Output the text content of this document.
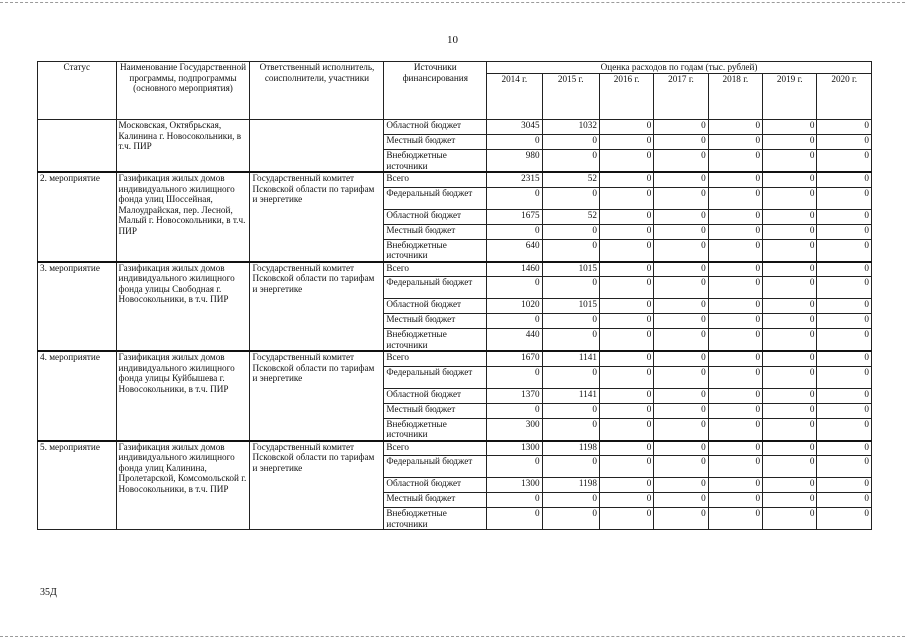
10
Статус	Наименование Государственной программы, подпрограммы (основного мероприятия)	Ответственный исполнитель, соисполнители, участники	Источники финансирования	Оценка расходов по годам (тыс. рублей)						
				2014 г.	2015 г.	2016 г.	2017 г.	2018 г.	2019 г.	2020 г.
	Московская, Октябрьская, Калинина г. Новосокольники, в т.ч. ПИР		Областной бюджет	3045	1032	0	0	0	0	0
			Местный бюджет	0	0	0	0	0	0	0
			Внебюджетные источники	980	0	0	0	0	0	0
2. мероприятие	Газификация жилых домов индивидуального жилищного фонда улиц Шоссейная, Малоудрайская, пер. Лесной, Малый г. Новосокольники, в т.ч. ПИР	Государственный комитет Псковской области по тарифам и энергетике	Всего	2315	52	0	0	0	0	0
			Федеральный бюджет	0	0	0	0	0	0	0
			Областной бюджет	1675	52	0	0	0	0	0
			Местный бюджет	0	0	0	0	0	0	0
			Внебюджетные источники	640	0	0	0	0	0	0
3. мероприятие	Газификация жилых домов индивидуального жилищного фонда улицы Свободная г. Новосокольники, в т.ч. ПИР	Государственный комитет Псковской области по тарифам и энергетике	Всего	1460	1015	0	0	0	0	0
			Федеральный бюджет	0	0	0	0	0	0	0
			Областной бюджет	1020	1015	0	0	0	0	0
			Местный бюджет	0	0	0	0	0	0	0
			Внебюджетные источники	440	0	0	0	0	0	0
4. мероприятие	Газификация жилых домов индивидуального жилищного фонда улицы Куйбышева г. Новосокольники, в т.ч. ПИР	Государственный комитет Псковской области по тарифам и энергетике	Всего	1670	1141	0	0	0	0	0
			Федеральный бюджет	0	0	0	0	0	0	0
			Областной бюджет	1370	1141	0	0	0	0	0
			Местный бюджет	0	0	0	0	0	0	0
			Внебюджетные источники	300	0	0	0	0	0	0
5. мероприятие	Газификация жилых домов индивидуального жилищного фонда улиц Калинина, Пролетарской, Комсомольской г. Новосокольники, в т.ч. ПИР	Государственный комитет Псковской области по тарифам и энергетике	Всего	1300	1198	0	0	0	0	0
			Федеральный бюджет	0	0	0	0	0	0	0
			Областной бюджет	1300	1198	0	0	0	0	0
			Местный бюджет	0	0	0	0	0	0	0
			Внебюджетные источники	0	0	0	0	0	0	0
35Д
